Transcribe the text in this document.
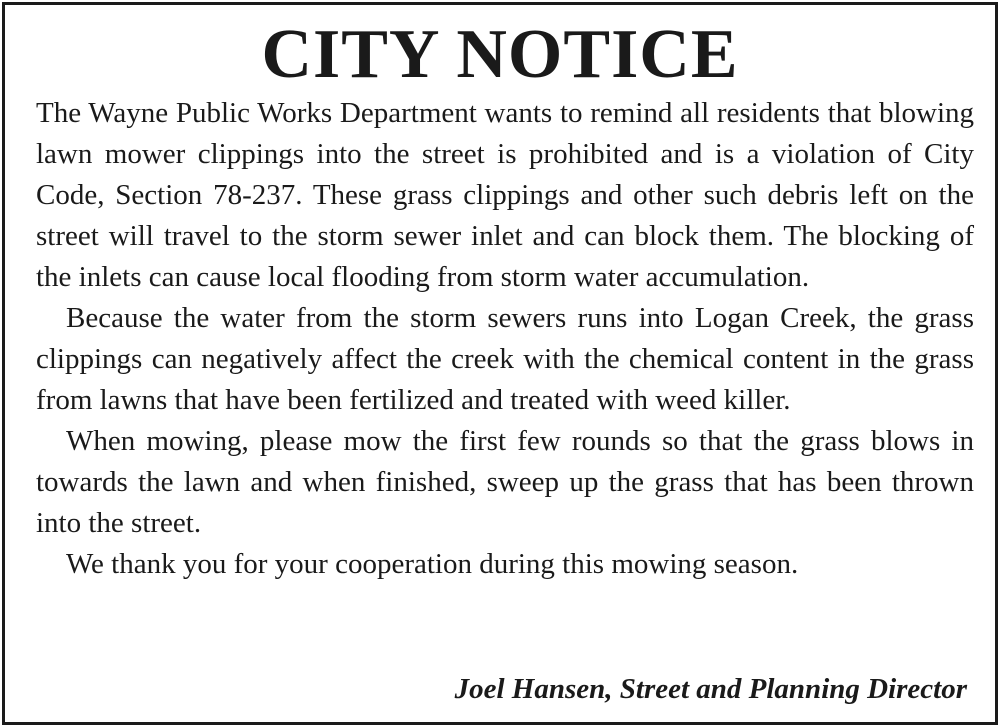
CITY NOTICE

The Wayne Public Works Department wants to remind all residents that blowing lawn mower clippings into the street is prohibited and is a violation of City Code, Section 78-237. These grass clippings and other such debris left on the street will travel to the storm sewer inlet and can block them. The blocking of the inlets can cause local flooding from storm water accumulation.

Because the water from the storm sewers runs into Logan Creek, the grass clippings can negatively affect the creek with the chemical content in the grass from lawns that have been fertilized and treated with weed killer.

When mowing, please mow the first few rounds so that the grass blows in towards the lawn and when finished, sweep up the grass that has been thrown into the street.

We thank you for your cooperation during this mowing season.

Joel Hansen, Street and Planning Director
